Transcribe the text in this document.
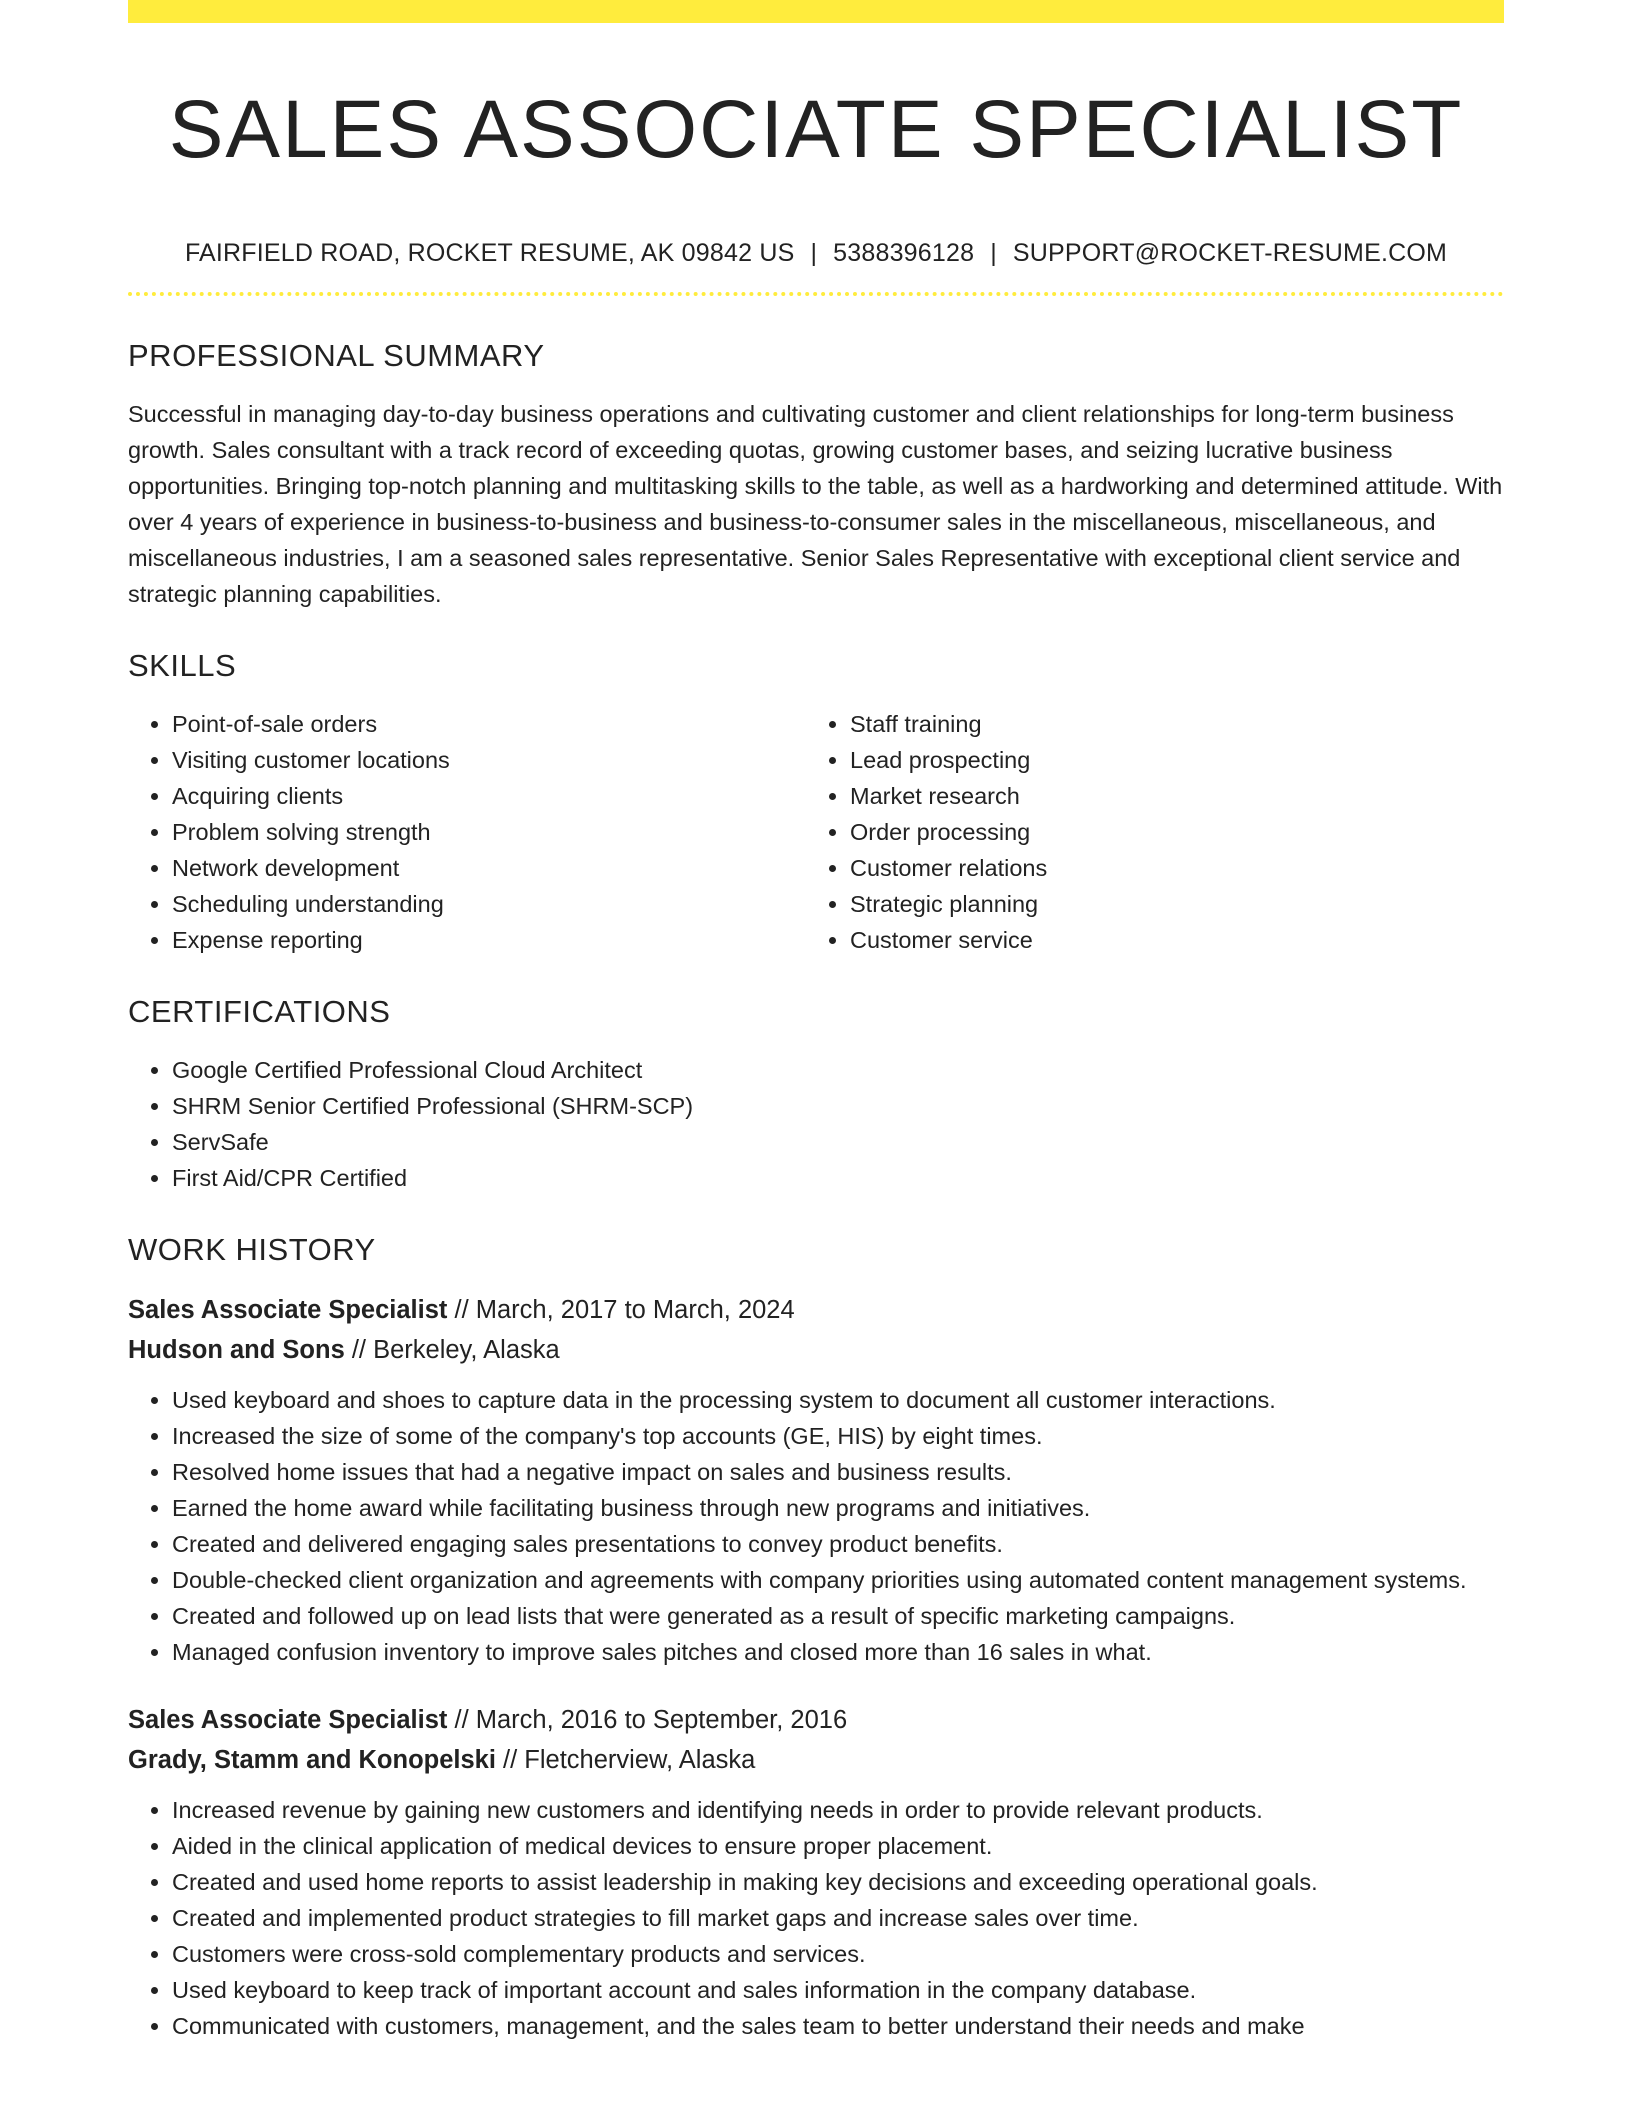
SALES ASSOCIATE SPECIALIST
FAIRFIELD ROAD, ROCKET RESUME, AK 09842 US | 5388396128 | SUPPORT@ROCKET-RESUME.COM
PROFESSIONAL SUMMARY
Successful in managing day-to-day business operations and cultivating customer and client relationships for long-term business growth. Sales consultant with a track record of exceeding quotas, growing customer bases, and seizing lucrative business opportunities. Bringing top-notch planning and multitasking skills to the table, as well as a hardworking and determined attitude. With over 4 years of experience in business-to-business and business-to-consumer sales in the miscellaneous, miscellaneous, and miscellaneous industries, I am a seasoned sales representative. Senior Sales Representative with exceptional client service and strategic planning capabilities.
SKILLS
• Point-of-sale orders
• Visiting customer locations
• Acquiring clients
• Problem solving strength
• Network development
• Scheduling understanding
• Expense reporting
• Staff training
• Lead prospecting
• Market research
• Order processing
• Customer relations
• Strategic planning
• Customer service
CERTIFICATIONS
• Google Certified Professional Cloud Architect
• SHRM Senior Certified Professional (SHRM-SCP)
• ServSafe
• First Aid/CPR Certified
WORK HISTORY
Sales Associate Specialist // March, 2017 to March, 2024
Hudson and Sons // Berkeley, Alaska
• Used keyboard and shoes to capture data in the processing system to document all customer interactions.
• Increased the size of some of the company's top accounts (GE, HIS) by eight times.
• Resolved home issues that had a negative impact on sales and business results.
• Earned the home award while facilitating business through new programs and initiatives.
• Created and delivered engaging sales presentations to convey product benefits.
• Double-checked client organization and agreements with company priorities using automated content management systems.
• Created and followed up on lead lists that were generated as a result of specific marketing campaigns.
• Managed confusion inventory to improve sales pitches and closed more than 16 sales in what.
Sales Associate Specialist // March, 2016 to September, 2016
Grady, Stamm and Konopelski // Fletcherview, Alaska
• Increased revenue by gaining new customers and identifying needs in order to provide relevant products.
• Aided in the clinical application of medical devices to ensure proper placement.
• Created and used home reports to assist leadership in making key decisions and exceeding operational goals.
• Created and implemented product strategies to fill market gaps and increase sales over time.
• Customers were cross-sold complementary products and services.
• Used keyboard to keep track of important account and sales information in the company database.
• Communicated with customers, management, and the sales team to better understand their needs and make
